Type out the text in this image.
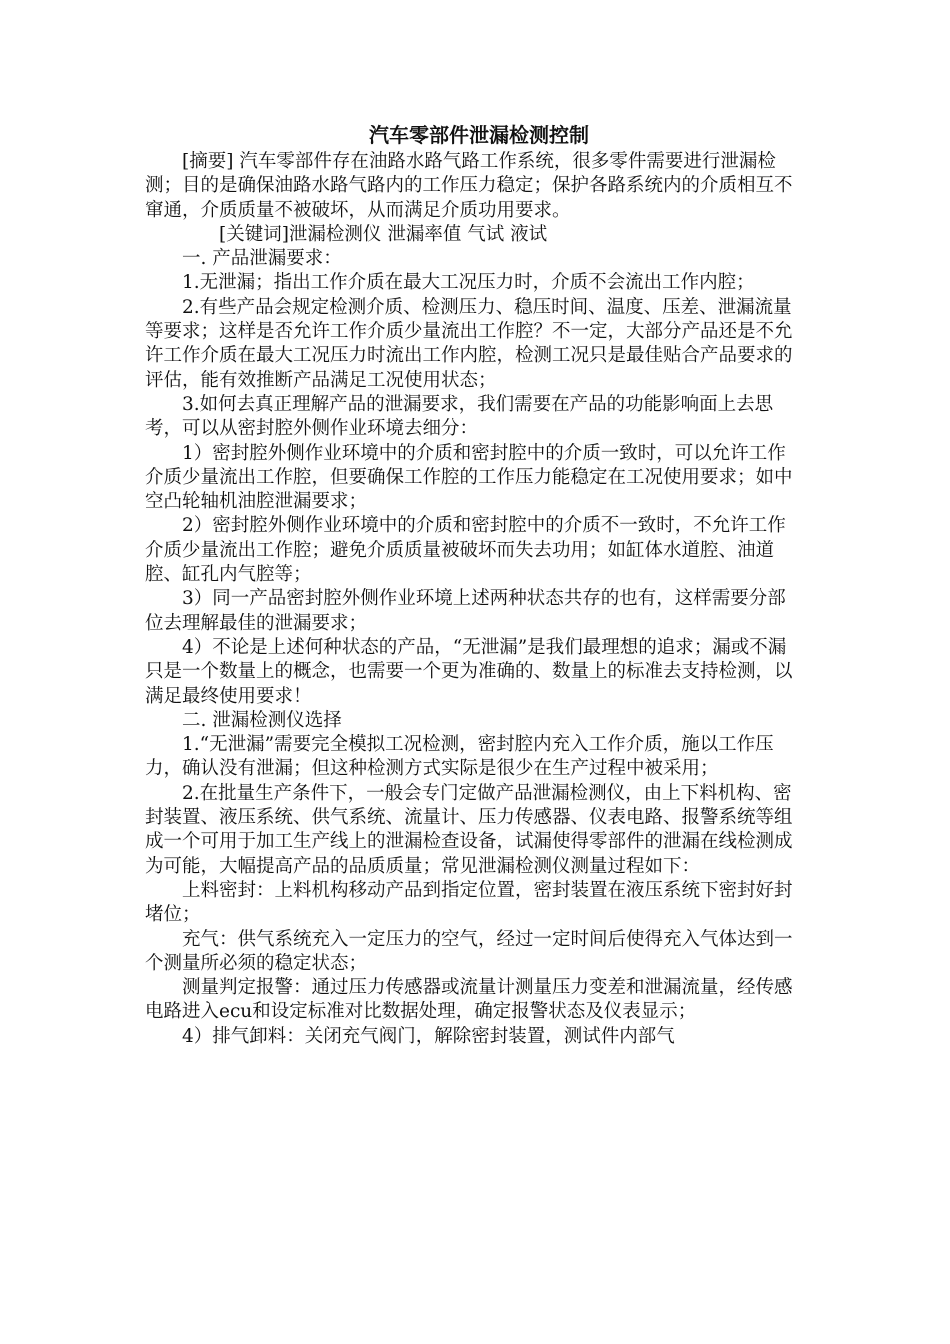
汽车零部件泄漏检测控制

[摘要] 汽车零部件存在油路水路气路工作系统，很多零件需要进行泄漏检测；目的是确保油路水路气路内的工作压力稳定；保护各路系统内的介质相互不窜通，介质质量不被破坏，从而满足介质功用要求。

[关键词]泄漏检测仪 泄漏率值 气试 液试

一. 产品泄漏要求：

1.无泄漏；指出工作介质在最大工况压力时，介质不会流出工作内腔；

2.有些产品会规定检测介质、检测压力、稳压时间、温度、压差、泄漏流量等要求；这样是否允许工作介质少量流出工作腔？不一定，大部分产品还是不允许工作介质在最大工况压力时流出工作内腔，检测工况只是最佳贴合产品要求的评估，能有效推断产品满足工况使用状态；

3.如何去真正理解产品的泄漏要求，我们需要在产品的功能影响面上去思考，可以从密封腔外侧作业环境去细分：

1）密封腔外侧作业环境中的介质和密封腔中的介质一致时，可以允许工作介质少量流出工作腔，但要确保工作腔的工作压力能稳定在工况使用要求；如中空凸轮轴机油腔泄漏要求；

2）密封腔外侧作业环境中的介质和密封腔中的介质不一致时，不允许工作介质少量流出工作腔；避免介质质量被破坏而失去功用；如缸体水道腔、油道腔、缸孔内气腔等；

3）同一产品密封腔外侧作业环境上述两种状态共存的也有，这样需要分部位去理解最佳的泄漏要求；

4）不论是上述何种状态的产品，“无泄漏”是我们最理想的追求；漏或不漏只是一个数量上的概念，也需要一个更为准确的、数量上的标准去支持检测，以满足最终使用要求！

二. 泄漏检测仪选择

1.“无泄漏”需要完全模拟工况检测，密封腔内充入工作介质，施以工作压力，确认没有泄漏；但这种检测方式实际是很少在生产过程中被采用；

2.在批量生产条件下，一般会专门定做产品泄漏检测仪，由上下料机构、密封装置、液压系统、供气系统、流量计、压力传感器、仪表电路、报警系统等组成一个可用于加工生产线上的泄漏检查设备，试漏使得零部件的泄漏在线检测成为可能，大幅提高产品的品质质量；常见泄漏检测仪测量过程如下：

上料密封：上料机构移动产品到指定位置，密封装置在液压系统下密封好封堵位；

充气：供气系统充入一定压力的空气，经过一定时间后使得充入气体达到一个测量所必须的稳定状态；

测量判定报警：通过压力传感器或流量计测量压力变差和泄漏流量，经传感电路进入ecu和设定标准对比数据处理，确定报警状态及仪表显示；

4）排气卸料：关闭充气阀门，解除密封装置，测试件内部气
